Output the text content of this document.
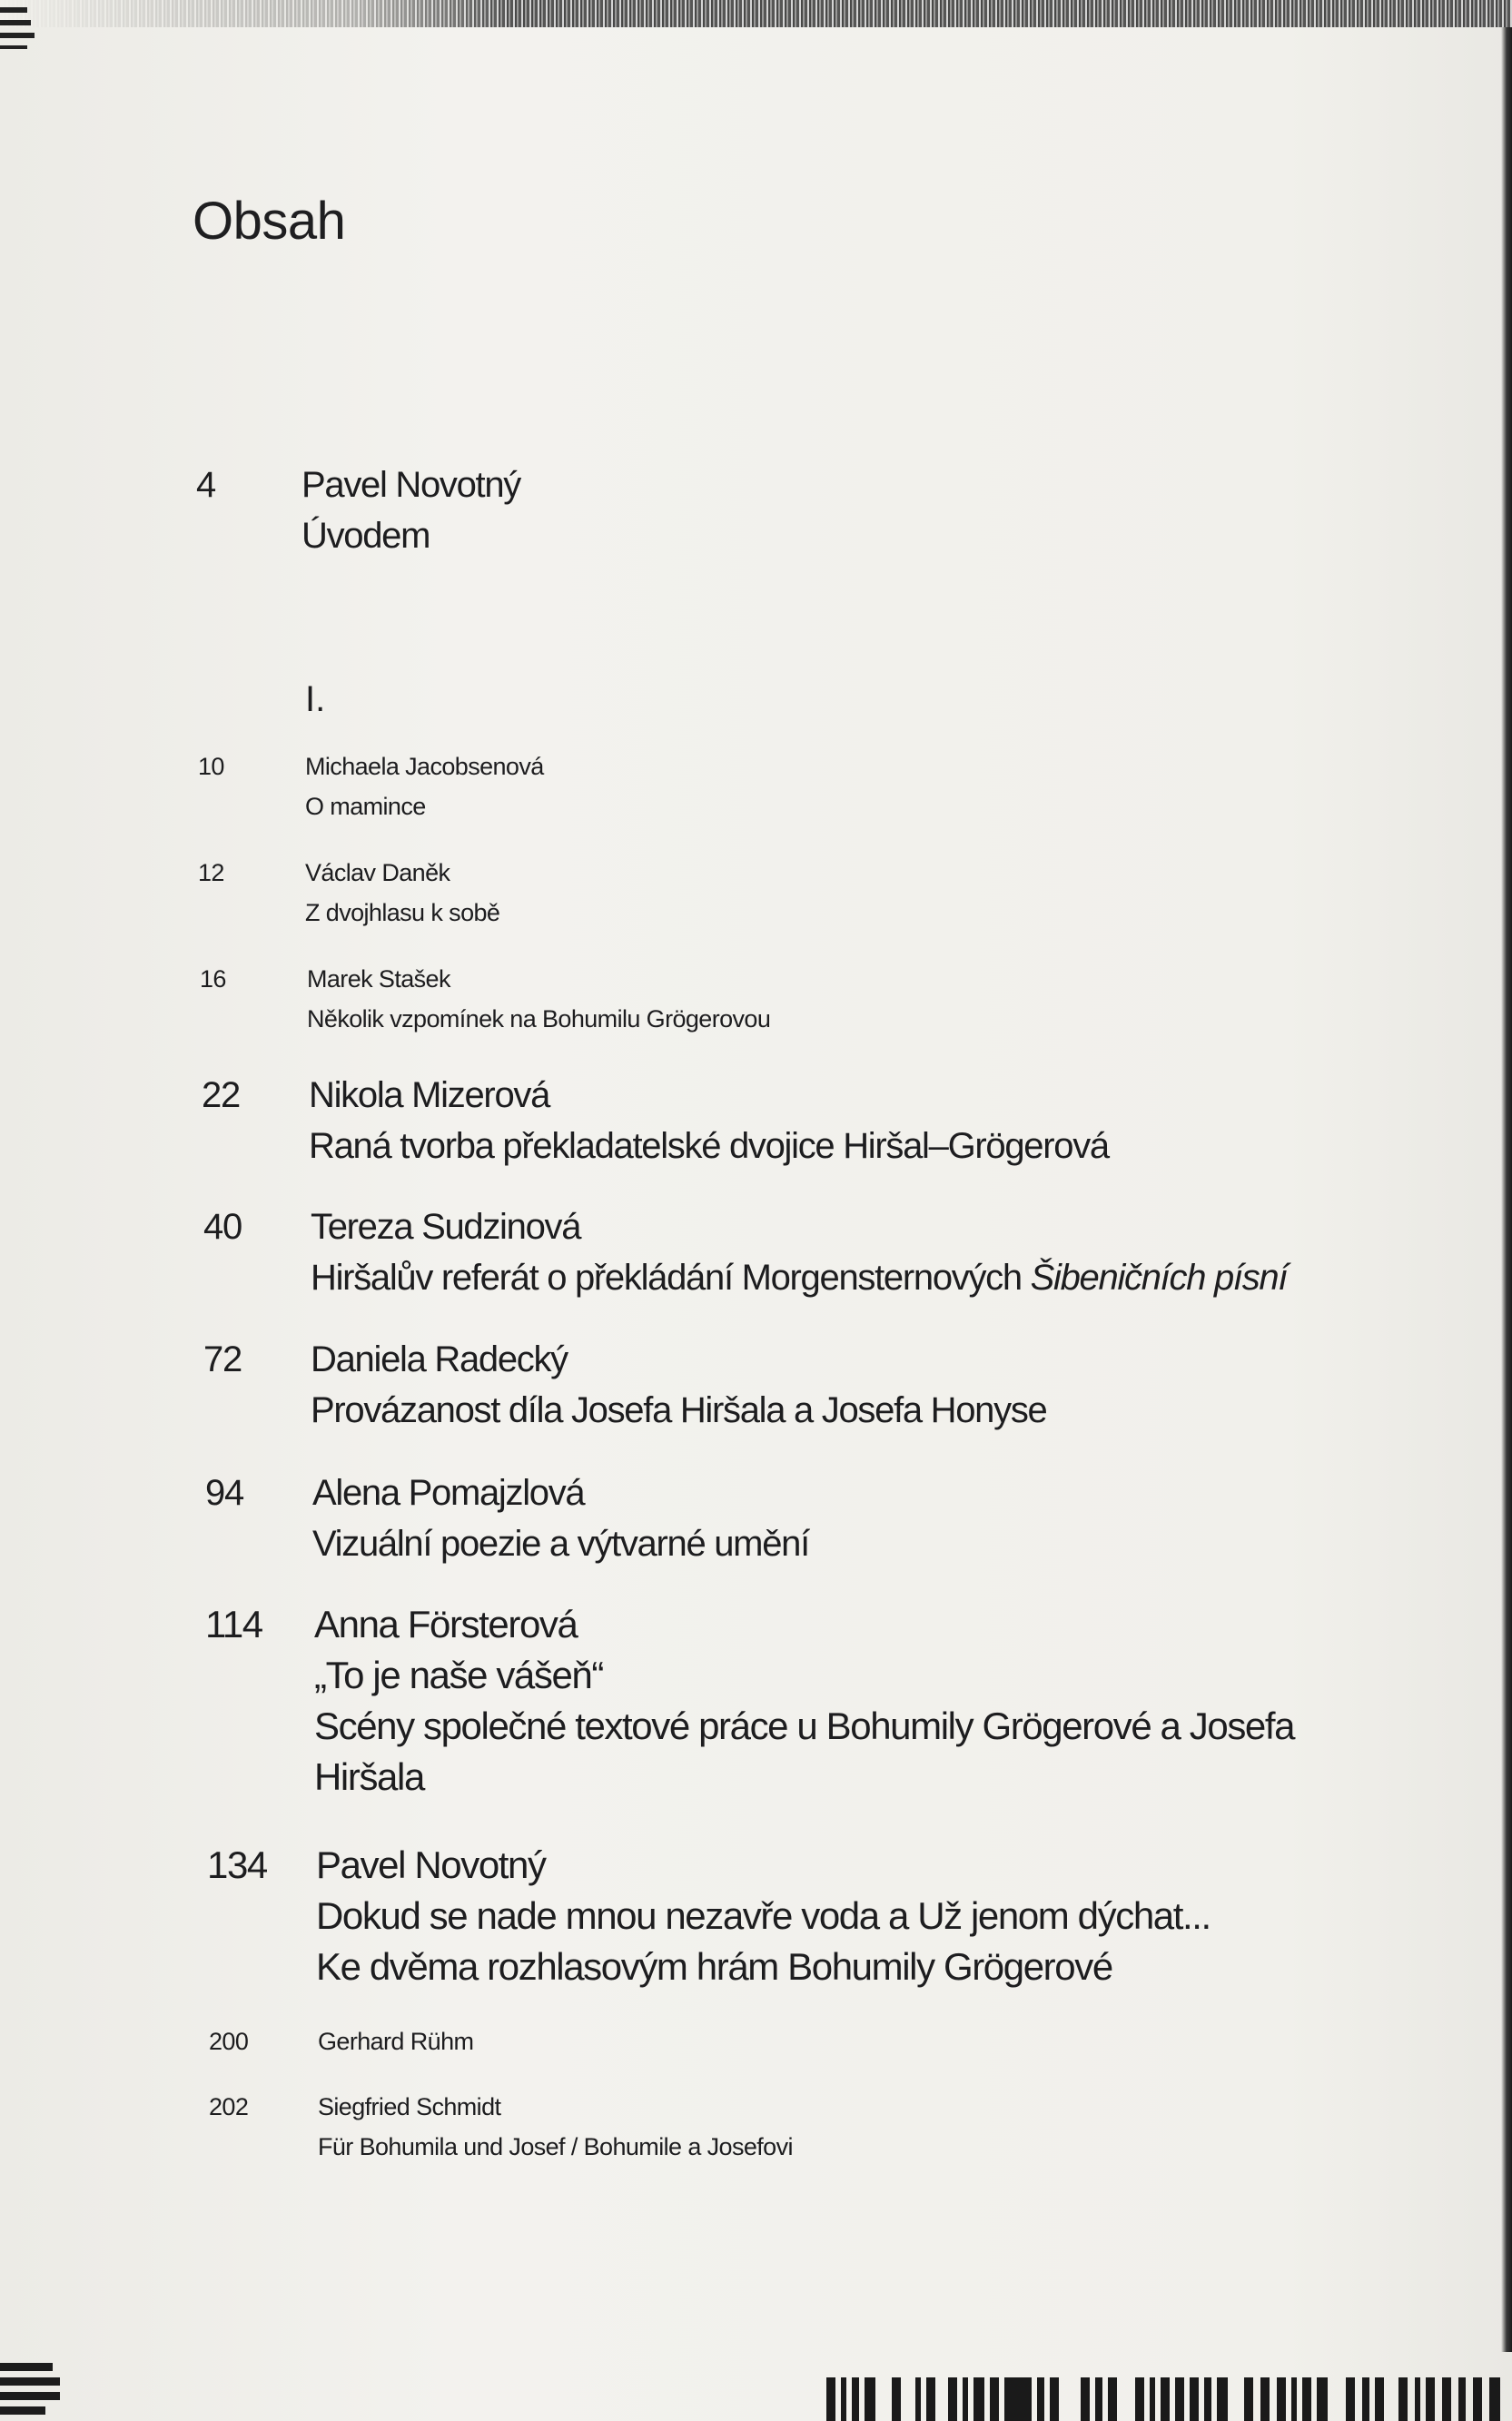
Obsah
4 Pavel Novotný
Úvodem
I.
10	Michaela Jacobsenová
O mamince
12	Václav Daněk
Z dvojhlasu k sobě
16	Marek Stašek
Několik vzpomínek na Bohumilu Grögerovou
22 Nikola Mizerová
Raná tvorba překladatelské dvojice Hiršal–Grögerová
40 Tereza Sudzinová
Hiršalův referát o překládání Morgensternových Šibeničních písní
72 Daniela Radecký
Provázanost díla Josefa Hiršala a Josefa Honyse
94 Alena Pomajzlová
Vizuální poezie a výtvarné umění
114 Anna Försterová
„To je naše vášeň“
Scény společné textové práce u Bohumily Grögerové a Josefa
Hiršala
134 Pavel Novotný
Dokud se nade mnou nezavře voda a Už jenom dýchat...
Ke dvěma rozhlasovým hrám Bohumily Grögerové
200	Gerhard Rühm
202	Siegfried Schmidt
Für Bohumila und Josef / Bohumile a Josefovi
